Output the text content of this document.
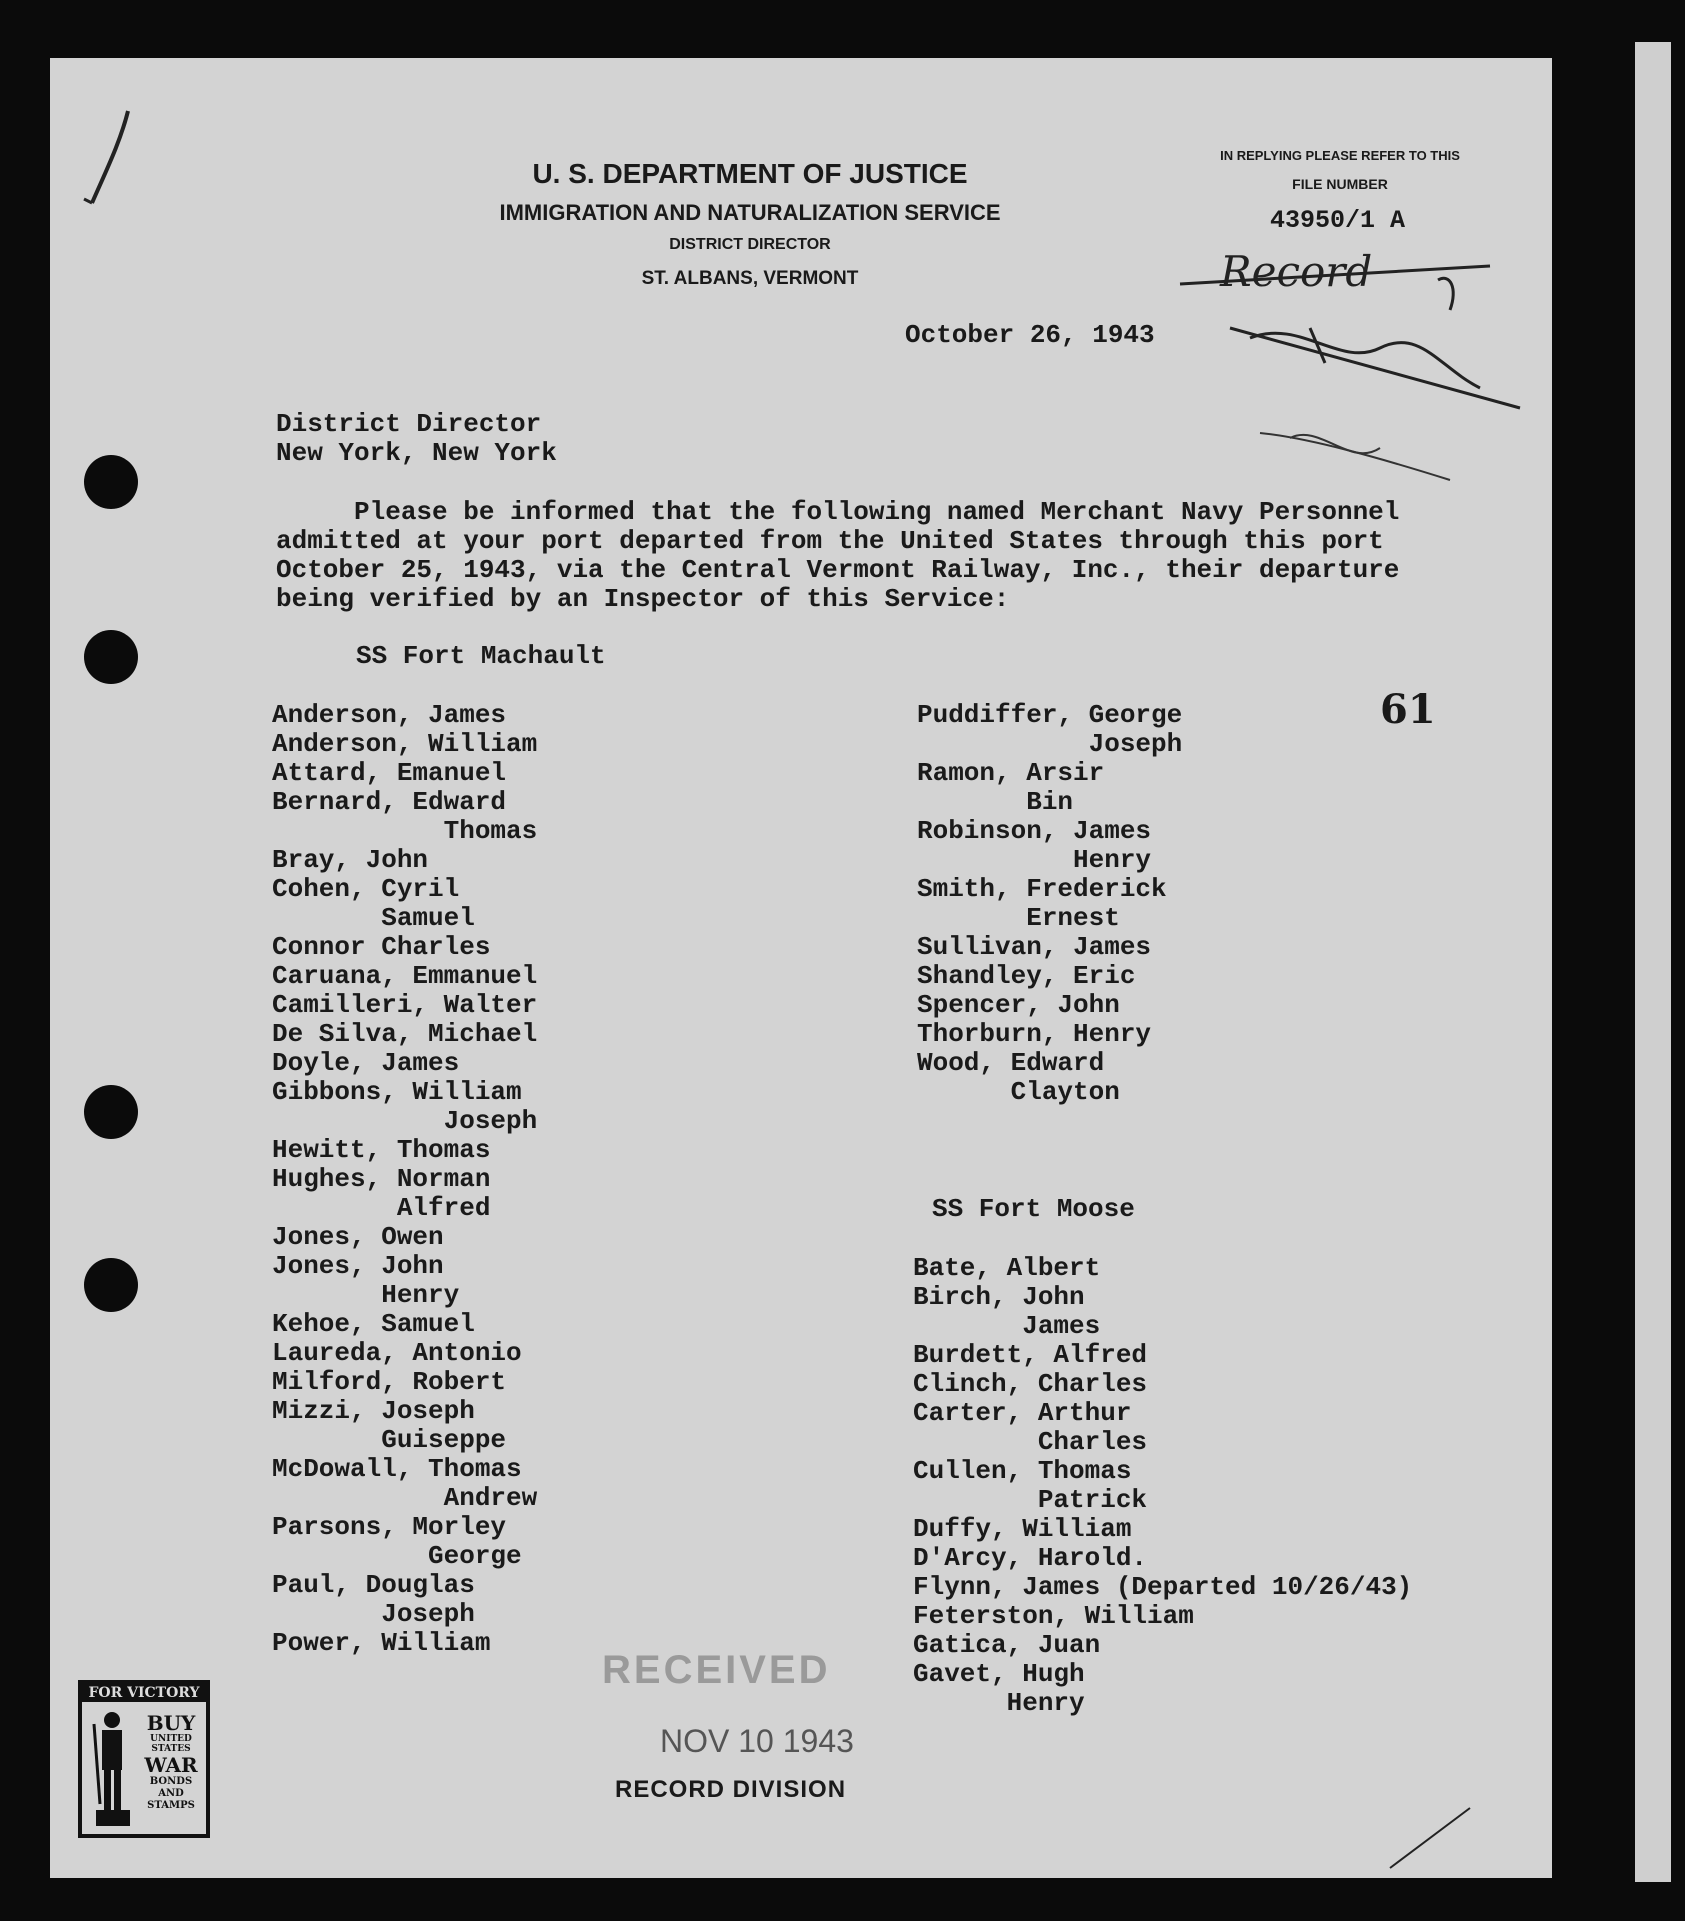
U. S. DEPARTMENT OF JUSTICE
IMMIGRATION AND NATURALIZATION SERVICE
DISTRICT DIRECTOR
ST. ALBANS, VERMONT
IN REPLYING PLEASE REFER TO THIS
FILE NUMBER
43950/1 A
Record
October 26, 1943
District Director
New York, New York
Please be informed that the following named Merchant Navy Personnel
admitted at your port departed from the United States through this port
October 25, 1943, via the Central Vermont Railway, Inc., their departure
being verified by an Inspector of this Service:
SS Fort Machault
61
Anderson, James
Anderson, William
Attard, Emanuel
Bernard, Edward
Thomas
Bray, John
Cohen, Cyril
Samuel
Connor Charles
Caruana, Emmanuel
Camilleri, Walter
De Silva, Michael
Doyle, James
Gibbons, William
Joseph
Hewitt, Thomas
Hughes, Norman
Alfred
Jones, Owen
Jones, John
Henry
Kehoe, Samuel
Laureda, Antonio
Milford, Robert
Mizzi, Joseph
Guiseppe
McDowall, Thomas
Andrew
Parsons, Morley
George
Paul, Douglas
Joseph
Power, William
Puddiffer, George
Joseph
Ramon, Arsir
Bin
Robinson, James
Henry
Smith, Frederick
Ernest
Sullivan, James
Shandley, Eric
Spencer, John
Thorburn, Henry
Wood, Edward
Clayton
SS Fort Moose
Bate, Albert
Birch, John
James
Burdett, Alfred
Clinch, Charles
Carter, Arthur
Charles
Cullen, Thomas
Patrick
Duffy, William
D'Arcy, Harold.
Flynn, James (Departed 10/26/43)
Feterston, William
Gatica, Juan
Gavet, Hugh
Henry
RECEIVED
NOV 10 1943
RECORD DIVISION
FOR VICTORY
BUY
UNITED STATES
WAR
BONDS AND STAMPS
